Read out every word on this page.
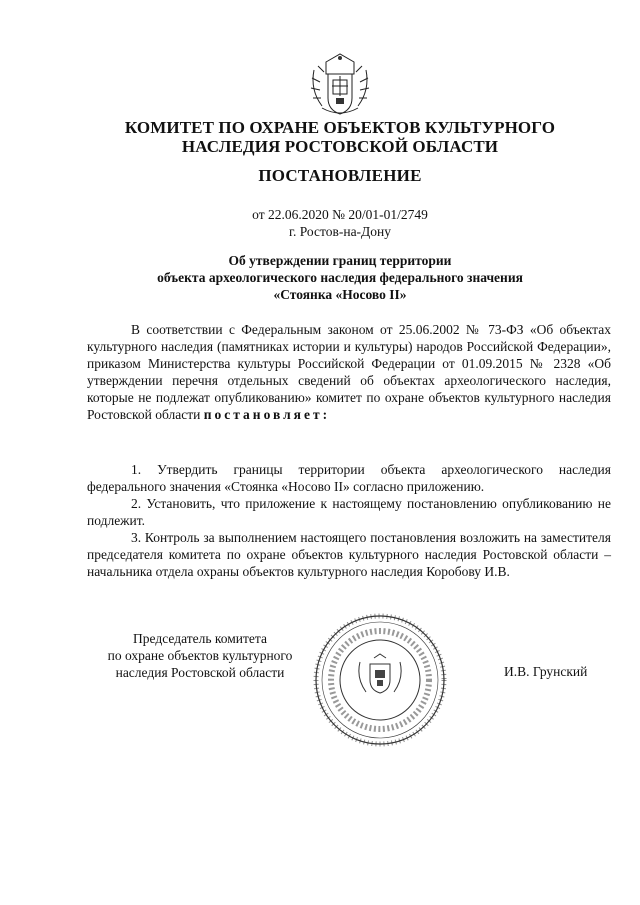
КОМИТЕТ ПО ОХРАНЕ ОБЪЕКТОВ КУЛЬТУРНОГО
НАСЛЕДИЯ РОСТОВСКОЙ ОБЛАСТИ
ПОСТАНОВЛЕНИЕ
от 22.06.2020 № 20/01-01/2749
г. Ростов-на-Дону
Об утверждении границ территории
объекта археологического наследия федерального значения
«Стоянка «Носово II»

В соответствии с Федеральным законом от 25.06.2002 № 73-ФЗ «Об объектах культурного наследия (памятниках истории и культуры) народов Российской Федерации», приказом Министерства культуры Российской Федерации от 01.09.2015 № 2328 «Об утверждении перечня отдельных сведений об объектах археологического наследия, которые не подлежат опубликованию» комитет по охране объектов культурного наследия Ростовской области постановляет:

1. Утвердить границы территории объекта археологического наследия федерального значения «Стоянка «Носово II» согласно приложению.

2. Установить, что приложение к настоящему постановлению опубликованию не подлежит.

3. Контроль за выполнением настоящего постановления возложить на заместителя председателя комитета по охране объектов культурного наследия Ростовской области – начальника отдела охраны объектов культурного наследия Коробову И.В.

Председатель комитета
по охране объектов культурного
наследия Ростовской области	И.В. Грунский
